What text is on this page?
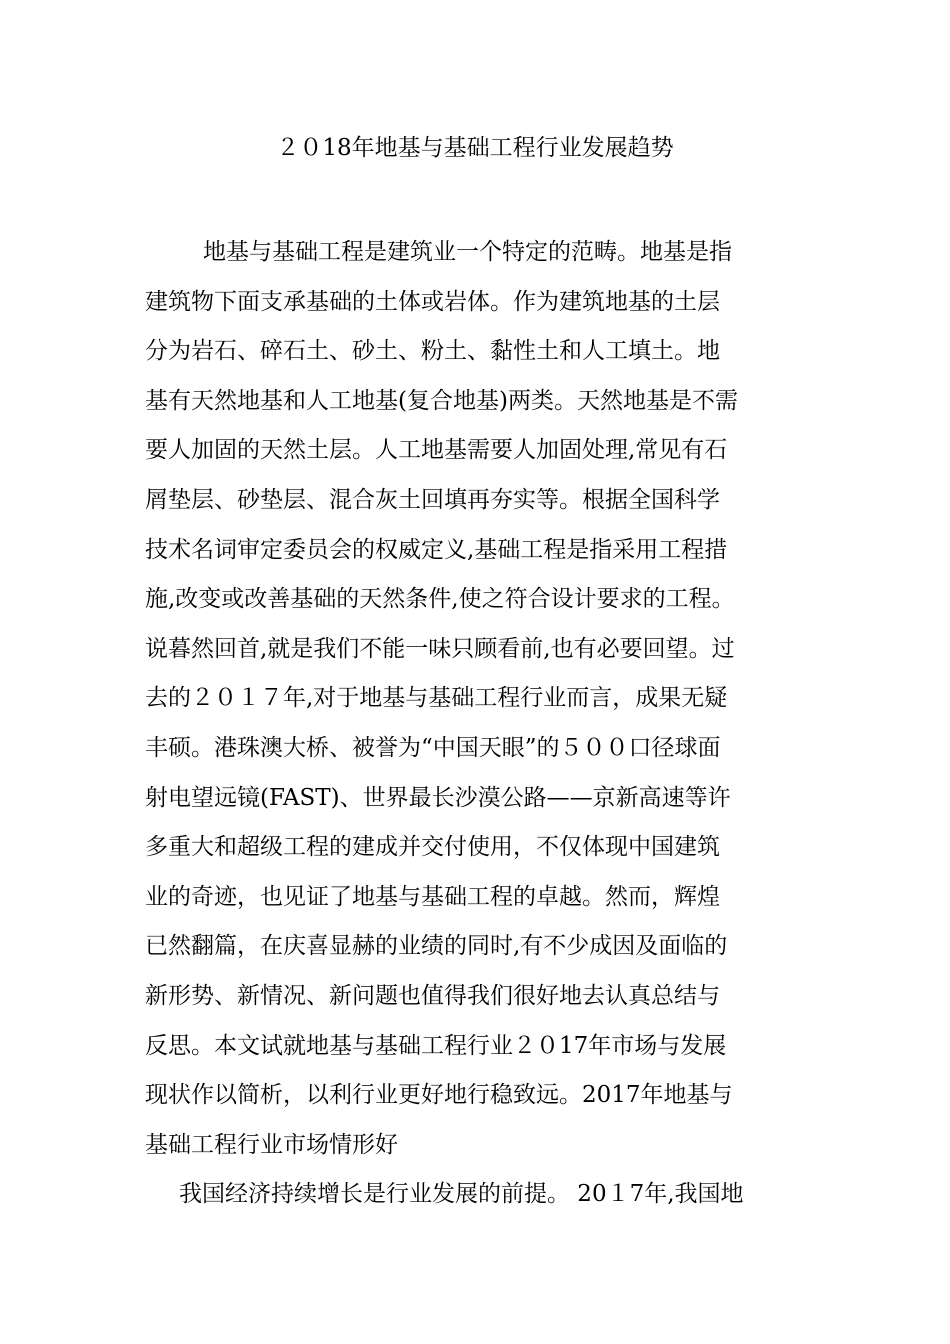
２０18年地基与基础工程行业发展趋势
地基与基础工程是建筑业一个特定的范畴。地基是指
建筑物下面支承基础的土体或岩体。作为建筑地基的土层
分为岩石、碎石土、砂土、粉土、黏性土和人工填土。地
基有天然地基和人工地基(复合地基)两类。天然地基是不需
要人加固的天然土层。人工地基需要人加固处理,常见有石
屑垫层、砂垫层、混合灰土回填再夯实等。根据全国科学
技术名词审定委员会的权威定义,基础工程是指采用工程措
施,改变或改善基础的天然条件,使之符合设计要求的工程。
说暮然回首,就是我们不能一味只顾看前,也有必要回望。过
去的２０１７年,对于地基与基础工程行业而言，成果无疑
丰硕。港珠澳大桥、被誉为“中国天眼”的５００口径球面
射电望远镜(FAST)、世界最长沙漠公路——京新高速等许
多重大和超级工程的建成并交付使用，不仅体现中国建筑
业的奇迹，也见证了地基与基础工程的卓越。然而，辉煌
已然翻篇，在庆喜显赫的业绩的同时,有不少成因及面临的
新形势、新情况、新问题也值得我们很好地去认真总结与
反思。本文试就地基与基础工程行业２０17年市场与发展
现状作以简析，以利行业更好地行稳致远。2017年地基与
基础工程行业市场情形好
我国经济持续增长是行业发展的前提。 20１7年,我国地
